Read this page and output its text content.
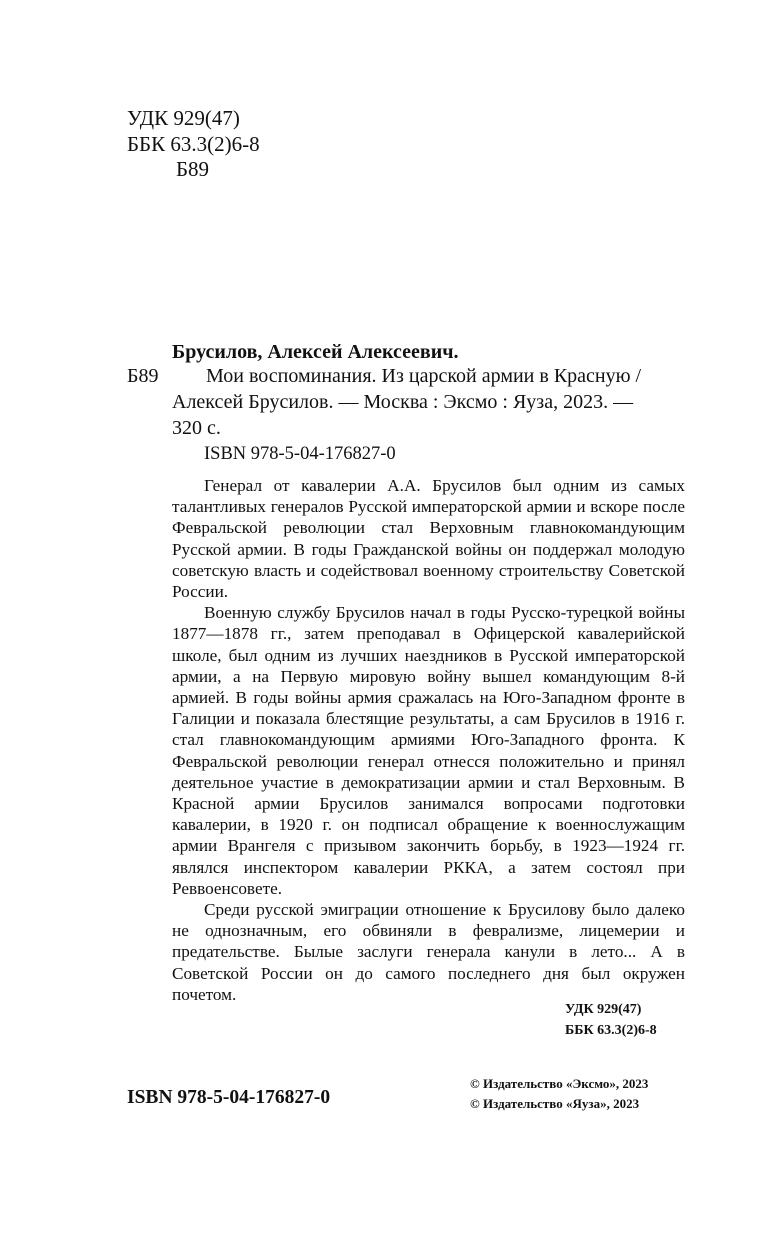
УДК 929(47)
ББК 63.3(2)6-8
Б89
Брусилов, Алексей Алексеевич.
Б89	Мои воспоминания. Из царской армии в Красную /
Алексей Брусилов. — Москва : Эксмо : Яуза, 2023. —
320 с.
ISBN 978-5-04-176827-0

Генерал от кавалерии А.А. Брусилов был одним из самых талантливых генералов Русской императорской армии и вскоре после Февральской революции стал Верховным главнокомандующим Русской армии. В годы Гражданской войны он поддержал молодую советскую власть и содействовал военному строительству Советской России.

Военную службу Брусилов начал в годы Русско-турецкой войны 1877—1878 гг., затем преподавал в Офицерской кавалерийской школе, был одним из лучших наездников в Русской императорской армии, а на Первую мировую войну вышел командующим 8-й армией. В годы войны армия сражалась на Юго-Западном фронте в Галиции и показала блестящие результаты, а сам Брусилов в 1916 г. стал главнокомандующим армиями Юго-Западного фронта. К Февральской революции генерал отнесся положительно и принял деятельное участие в демократизации армии и стал Верховным. В Красной армии Брусилов занимался вопросами подготовки кавалерии, в 1920 г. он подписал обращение к военнослужащим армии Врангеля с призывом закончить борьбу, в 1923—1924 гг. являлся инспектором кавалерии РККА, а затем состоял при Реввоенсовете.

Среди русской эмиграции отношение к Брусилову было далеко не однозначным, его обвиняли в феврализме, лицемерии и предательстве. Былые заслуги генерала канули в лето... А в Советской России он до самого последнего дня был окружен почетом.

УДК 929(47)
ББК 63.3(2)6-8
ISBN 978-5-04-176827-0
© Издательство «Эксмо», 2023
© Издательство «Яуза», 2023
